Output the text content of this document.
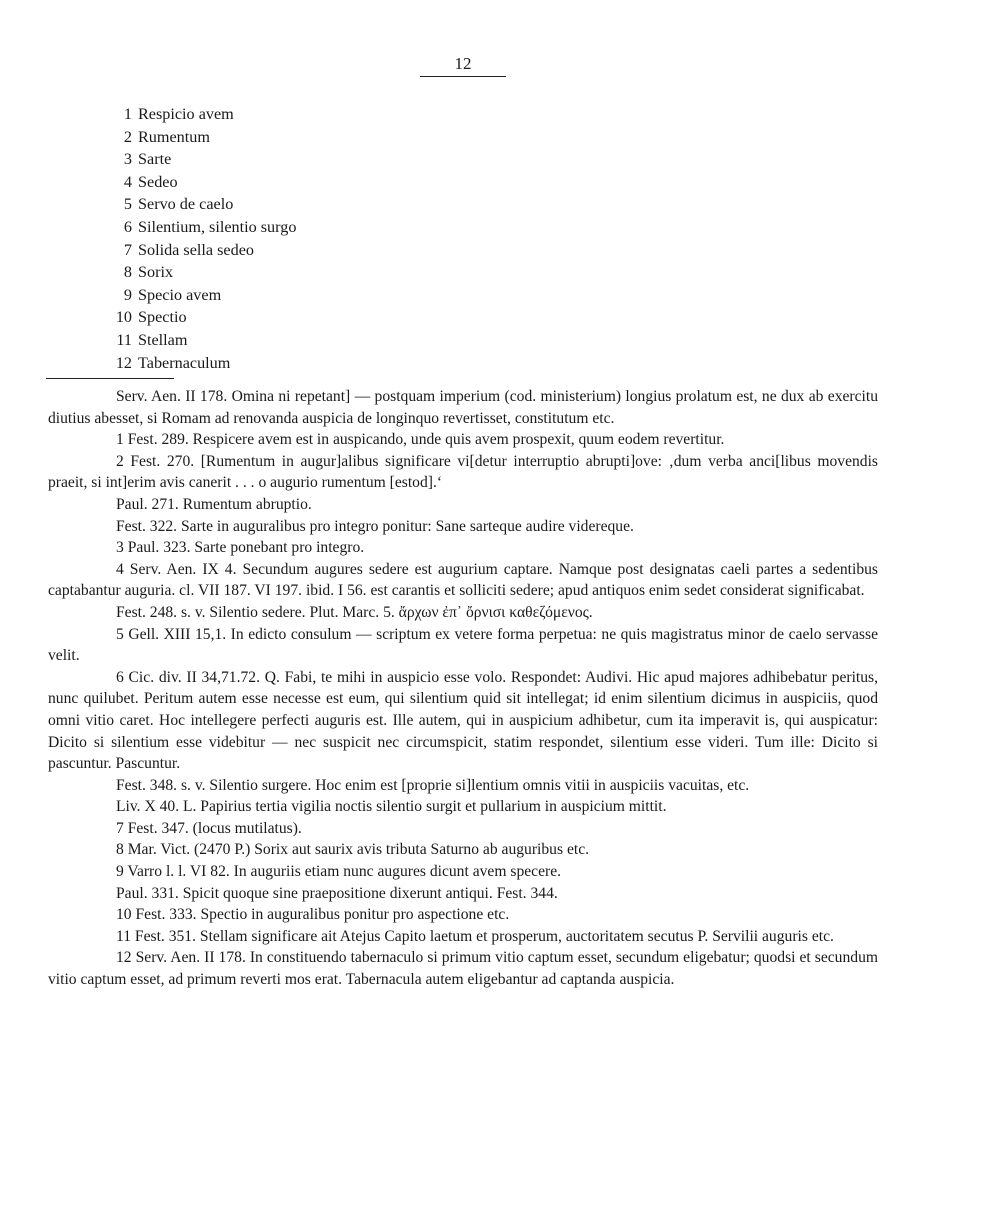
12
1 Respicio avem
2 Rumentum
3 Sarte
4 Sedeo
5 Servo de caelo
6 Silentium, silentio surgo
7 Solida sella sedeo
8 Sorix
9 Specio avem
10 Spectio
11 Stellam
12 Tabernaculum

Serv. Aen. II 178. Omina ni repetant] — postquam imperium (cod. ministerium) longius prolatum est, ne dux ab exercitu diutius abesset, si Romam ad renovanda auspicia de longinquo revertisset, constitutum etc.

1 Fest. 289. Respicere avem est in auspicando, unde quis avem prospexit, quum eodem revertitur.

2 Fest. 270. [Rumentum in augur]alibus significare vi[detur interruptio abrupti]ove: ‚dum verba anci[libus movendis praeit, si int]erim avis canerit . . . o augurio rumentum [estod].‘

Paul. 271. Rumentum abruptio.

Fest. 322. Sarte in auguralibus pro integro ponitur: Sane sarteque audire videreque.

3 Paul. 323. Sarte ponebant pro integro.

4 Serv. Aen. IX 4. Secundum augures sedere est augurium captare. Namque post designatas caeli partes a sedentibus captabantur auguria. cl. VII 187. VI 197. ibid. I 56. est carantis et solliciti sedere; apud antiquos enim sedet considerat significabat.

Fest. 248. s. v. Silentio sedere. Plut. Marc. 5. ἄρχων ἐπ᾽ ὄρνισι καθεζόμενος.

5 Gell. XIII 15,1. In edicto consulum — scriptum ex vetere forma perpetua: ne quis magistratus minor de caelo servasse velit.

6 Cic. div. II 34,71.72. Q. Fabi, te mihi in auspicio esse volo. Respondet: Audivi. Hic apud majores adhibebatur peritus, nunc quilubet. Peritum autem esse necesse est eum, qui silentium quid sit intellegat; id enim silentium dicimus in auspiciis, quod omni vitio caret. Hoc intellegere perfecti auguris est. Ille autem, qui in auspicium adhibetur, cum ita imperavit is, qui auspicatur: Dicito si silentium esse videbitur — nec suspicit nec circumspicit, statim respondet, silentium esse videri. Tum ille: Dicito si pascuntur. Pascuntur.

Fest. 348. s. v. Silentio surgere. Hoc enim est [proprie si]lentium omnis vitii in auspiciis vacuitas, etc.

Liv. X 40. L. Papirius tertia vigilia noctis silentio surgit et pullarium in auspicium mittit.

7 Fest. 347. (locus mutilatus).

8 Mar. Vict. (2470 P.) Sorix aut saurix avis tributa Saturno ab auguribus etc.

9 Varro l. l. VI 82. In auguriis etiam nunc augures dicunt avem specere.

Paul. 331. Spicit quoque sine praepositione dixerunt antiqui. Fest. 344.

10 Fest. 333. Spectio in auguralibus ponitur pro aspectione etc.

11 Fest. 351. Stellam significare ait Atejus Capito laetum et prosperum, auctoritatem secutus P. Servilii auguris etc.

12 Serv. Aen. II 178. In constituendo tabernaculo si primum vitio captum esset, secundum eligebatur; quodsi et secundum vitio captum esset, ad primum reverti mos erat. Tabernacula autem eligebantur ad captanda auspicia.
